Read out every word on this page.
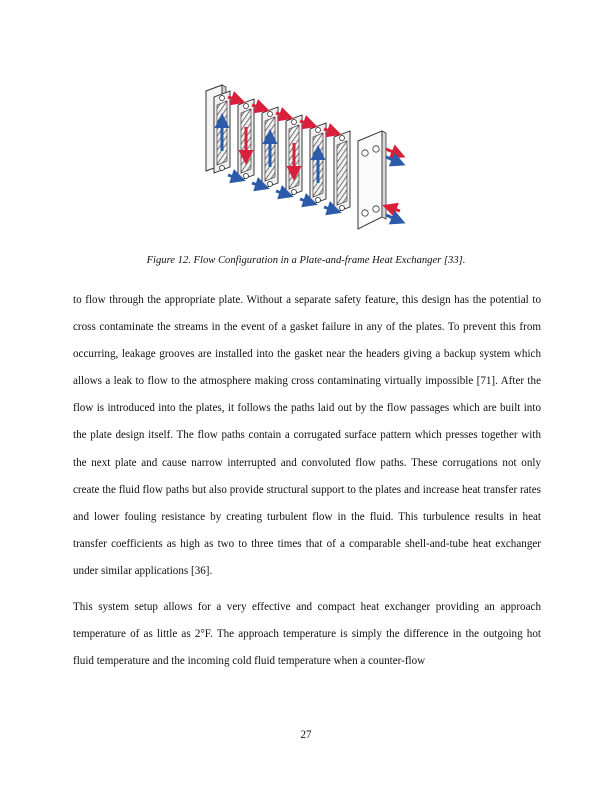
Figure 12. Flow Configuration in a Plate-and-frame Heat Exchanger [33].

to flow through the appropriate plate. Without a separate safety feature, this design has the potential to cross contaminate the streams in the event of a gasket failure in any of the plates. To prevent this from occurring, leakage grooves are installed into the gasket near the headers giving a backup system which allows a leak to flow to the atmosphere making cross contaminating virtually impossible [71]. After the flow is introduced into the plates, it follows the paths laid out by the flow passages which are built into the plate design itself. The flow paths contain a corrugated surface pattern which presses together with the next plate and cause narrow interrupted and convoluted flow paths. These corrugations not only create the fluid flow paths but also provide structural support to the plates and increase heat transfer rates and lower fouling resistance by creating turbulent flow in the fluid. This turbulence results in heat transfer coefficients as high as two to three times that of a comparable shell-and-tube heat exchanger under similar applications [36].

This system setup allows for a very effective and compact heat exchanger providing an approach temperature of as little as 2°F. The approach temperature is simply the difference in the outgoing hot fluid temperature and the incoming cold fluid temperature when a counter-flow

27
